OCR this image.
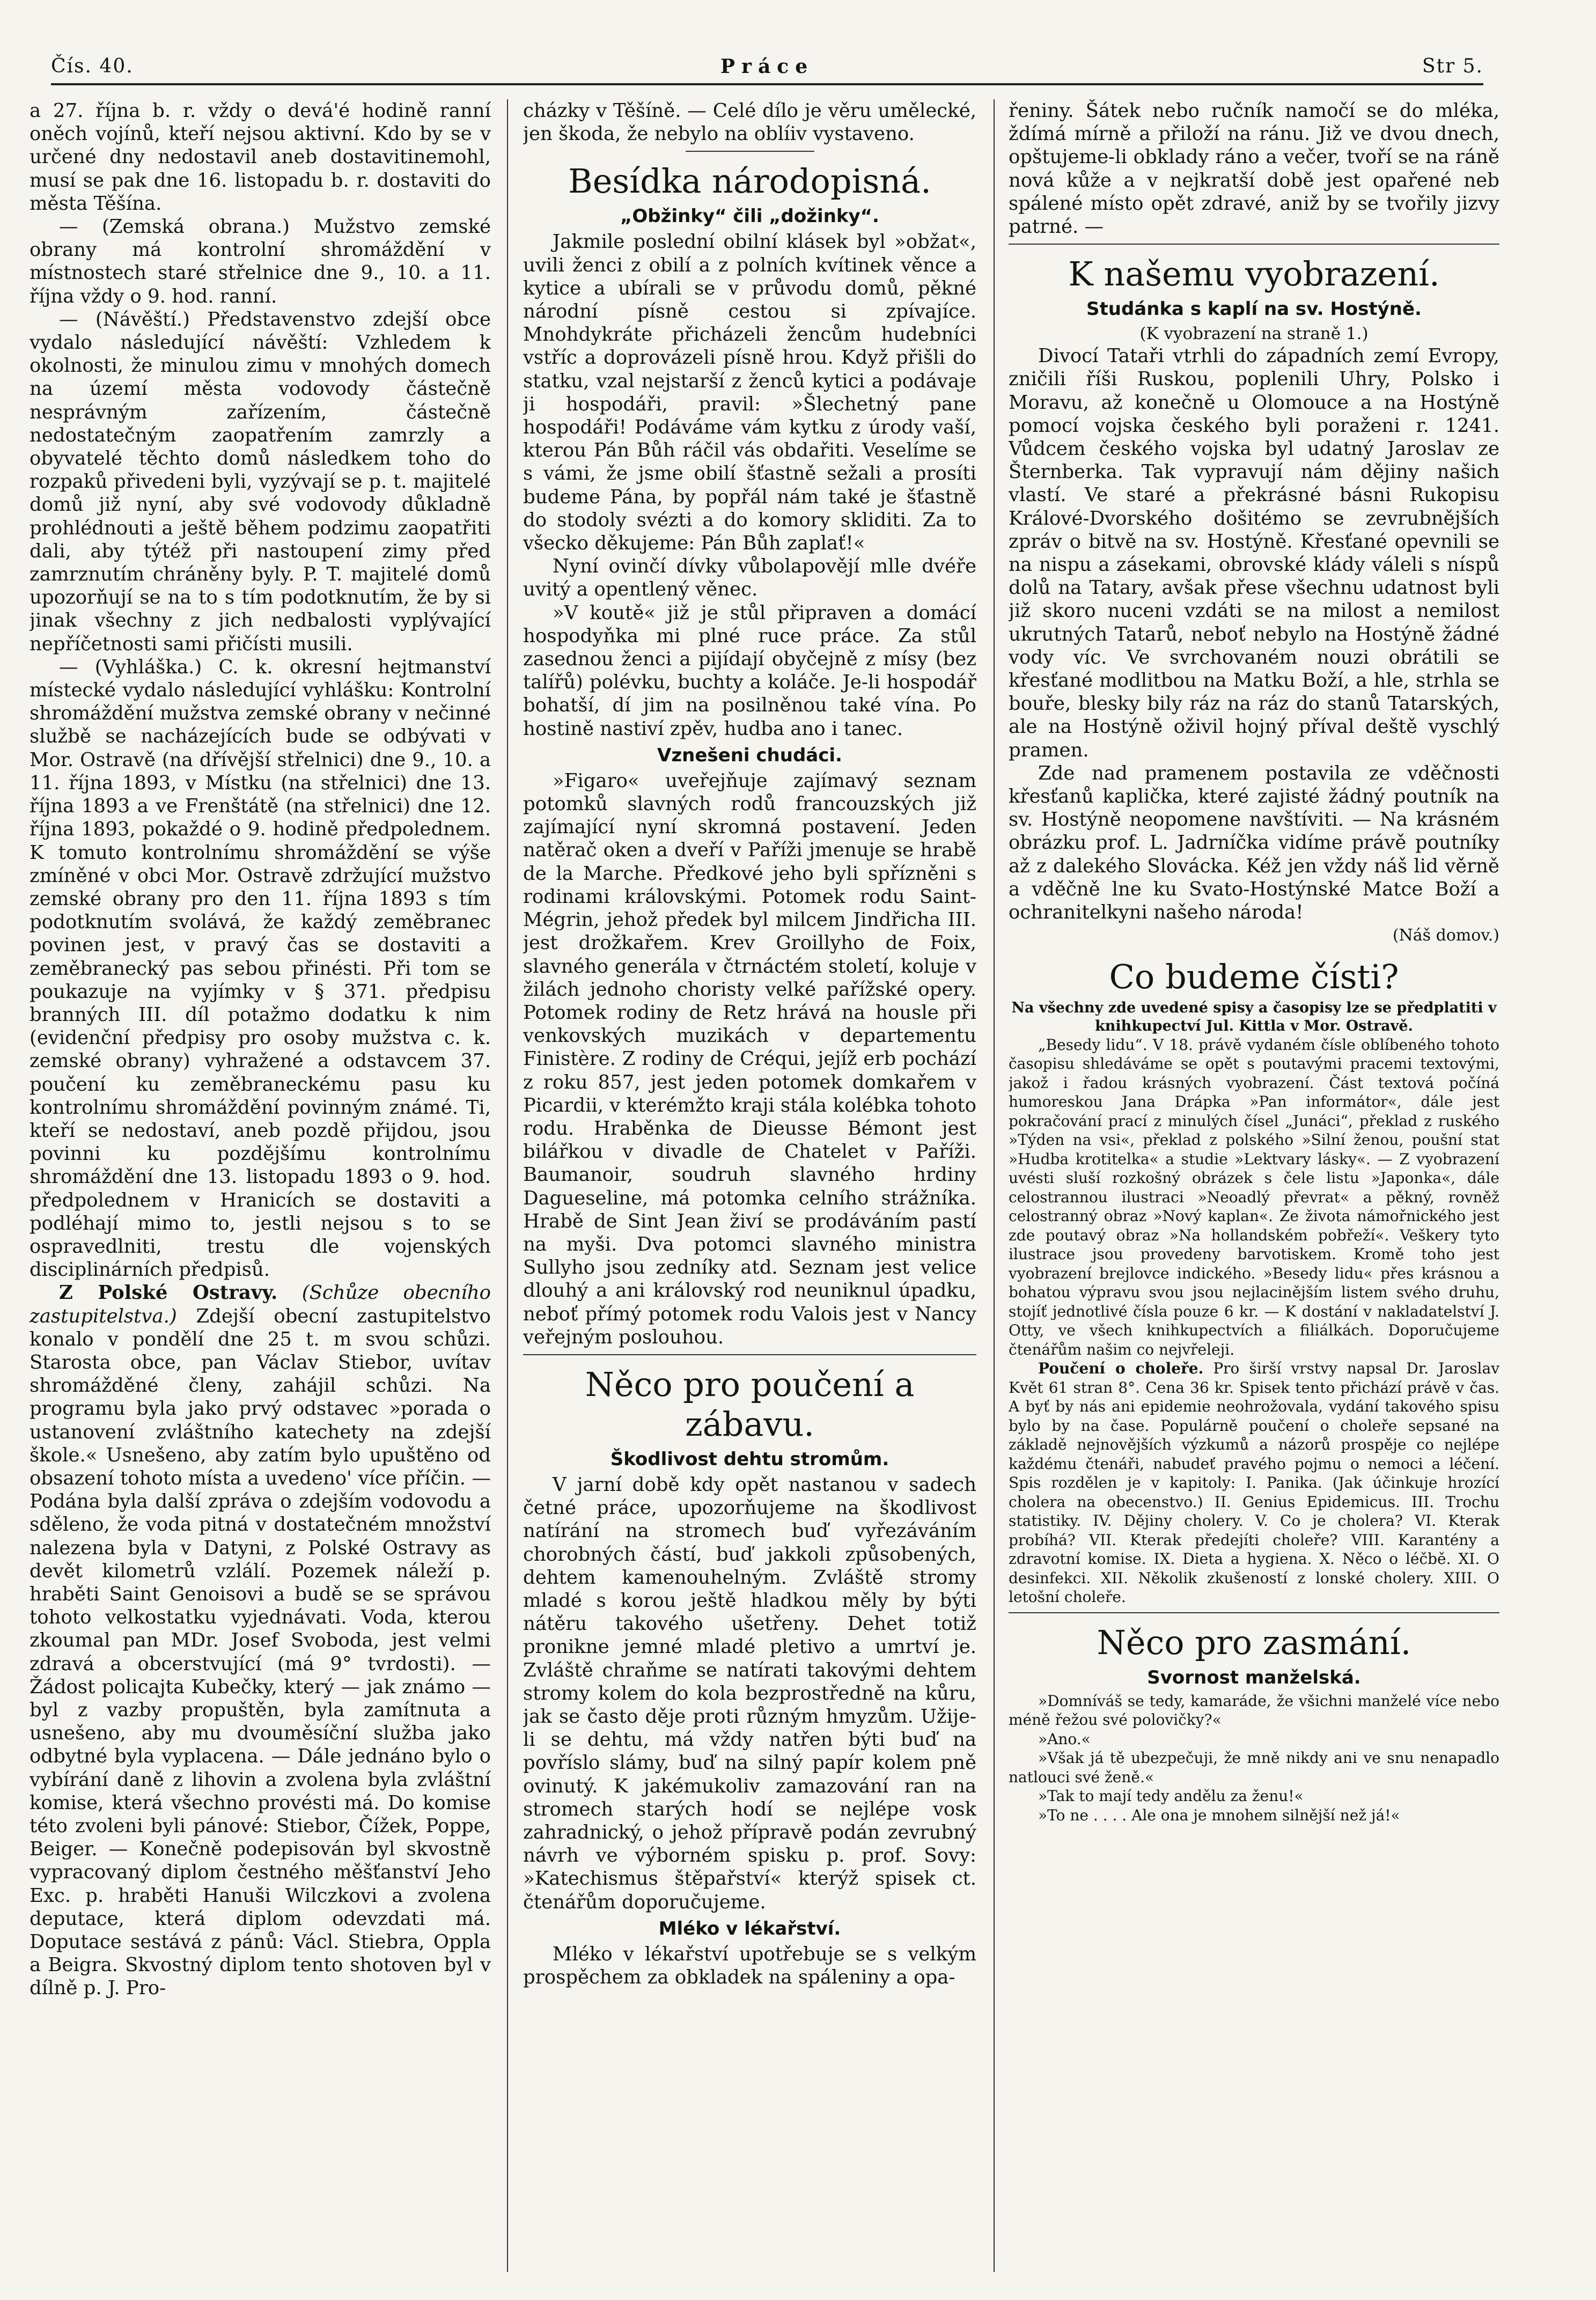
Čís. 40.	Práce	Str 5.

a 27. října b. r. vždy o devá'é hodině ranní oněch vojínů, kteří nejsou aktivní. Kdo by se v určené dny nedostavil aneb dostavitinemohl, musí se pak dne 16. listopadu b. r. dostaviti do města Těšína.

— (Zemská obrana.) Mužstvo zemské obrany má kontrolní shromáždění v místnostech staré střelnice dne 9., 10. a 11. října vždy o 9. hod. ranní.

— (Návěští.) Představenstvo zdejší obce vydalo následující návěští: Vzhledem k okolnosti, že minulou zimu v mnohých domech na území města vodovody částečně nesprávným zařízením, částečně nedostatečným zaopatřením zamrzly a obyvatelé těchto domů následkem toho do rozpaků přivedeni byli, vyzývají se p. t. majitelé domů již nyní, aby své vodovody důkladně prohlédnouti a ještě během podzimu zaopatřiti dali, aby týtéž při nastoupení zimy před zamrznutím chráněny byly. P. T. majitelé domů upozorňují se na to s tím podotknutím, že by si jinak všechny z jich nedbalosti vyplývající nepříčetnosti sami přičísti musili.

— (Vyhláška.) C. k. okresní hejtmanství místecké vydalo následující vyhlášku: Kontrolní shromáždění mužstva zemské obrany v nečinné službě se nacházejících bude se odbývati v Mor. Ostravě (na dřívější střelnici) dne 9., 10. a 11. října 1893, v Místku (na střelnici) dne 13. října 1893 a ve Frenštátě (na střelnici) dne 12. října 1893, pokaždé o 9. hodině předpolednem. K tomuto kontrolnímu shromáždění se výše zmíněné v obci Mor. Ostravě zdržující mužstvo zemské obrany pro den 11. října 1893 s tím podotknutím svolává, že každý zeměbranec povinen jest, v pravý čas se dostaviti a zeměbranecký pas sebou přinésti. Při tom se poukazuje na vyjímky v § 371. předpisu branných III. díl potažmo dodatku k nim (evidenční předpisy pro osoby mužstva c. k. zemské obrany) vyhražené a odstavcem 37. poučení ku zeměbraneckému pasu ku kontrolnímu shromáždění povinným známé. Ti, kteří se nedostaví, aneb pozdě přijdou, jsou povinni ku pozdějšímu kontrolnímu shromáždění dne 13. listopadu 1893 o 9. hod. předpolednem v Hranicích se dostaviti a podléhají mimo to, jestli nejsou s to se ospravedlniti, trestu dle vojenských disciplinárních předpisů.

Z Polské Ostravy. (Schůze obecního zastupitelstva.) Zdejší obecní zastupitelstvo konalo v pondělí dne 25 t. m svou schůzi. Starosta obce, pan Václav Stiebor, uvítav shromážděné členy, zahájil schůzi. Na programu byla jako prvý odstavec »porada o ustanovení zvláštního katechety na zdejší škole.« Usnešeno, aby zatím bylo upuštěno od obsazení tohoto místa a uvedeno' více příčin. — Podána byla další zpráva o zdejším vodovodu a sděleno, že voda pitná v dostatečném množství nalezena byla v Datyni, z Polské Ostravy as devět kilometrů vzlálí. Pozemek náleží p. hraběti Saint Genoisovi a budě se se správou tohoto velkostatku vyjednávati. Voda, kterou zkoumal pan MDr. Josef Svoboda, jest velmi zdravá a obcerstvující (má 9° tvrdosti). — Žádost policajta Kubečky, který — jak známo — byl z vazby propuštěn, byla zamítnuta a usnešeno, aby mu dvouměsíční služba jako odbytné byla vyplacena. — Dále jednáno bylo o vybírání daně z lihovin a zvolena byla zvláštní komise, která všechno provésti má. Do komise této zvoleni byli pánové: Stiebor, Čížek, Poppe, Beiger. — Konečně podepisován byl skvostně vypracovaný diplom čestného měšťanství Jeho Exc. p. hraběti Hanuši Wilczkovi a zvolena deputace, která diplom odevzdati má. Doputace sestává z pánů: Václ. Stiebra, Oppla a Beigra. Skvostný diplom tento shotoven byl v dílně p. J. Pro-

cházky v Těšíně. — Celé dílo je věru umělecké, jen škoda, že nebylo na oblíiv vystaveno.

Besídka národopisná.
„Obžinky“ čili „dožinky“.

Jakmile poslední obilní klásek byl »obžat«, uvili ženci z obilí a z polních kvítinek věnce a kytice a ubírali se v průvodu domů, pěkné národní písně cestou si zpívajíce. Mnohdykráte přicházeli žencům hudebníci vstříc a doprovázeli písně hrou. Když přišli do statku, vzal nejstarší z ženců kytici a podávaje ji hospodáři, pravil: »Šlechetný pane hospodáři! Podáváme vám kytku z úrody vaší, kterou Pán Bůh ráčil vás obdařiti. Veselíme se s vámi, že jsme obilí šťastně sežali a prosíti budeme Pána, by popřál nám také je šťastně do stodoly svézti a do komory skliditi. Za to všecko děkujeme: Pán Bůh zaplať!«

Nyní ovinčí dívky vůbolapovějí mlle dvéře uvitý a opentlený věnec.

»V koutě« již je stůl připraven a domácí hospodyňka mi plné ruce práce. Za stůl zasednou ženci a pijídají obyčejně z mísy (bez talířů) polévku, buchty a koláče. Je-li hospodář bohatší, dí jim na posilněnou také vína. Po hostině nastiví zpěv, hudba ano i tanec.

Vznešeni chudáci.

»Figaro« uveřejňuje zajímavý seznam potomků slavných rodů francouzských již zajímající nyní skromná postavení. Jeden natěrač oken a dveří v Paříži jmenuje se hrabě de la Marche. Předkové jeho byli spřízněni s rodinami královskými. Potomek rodu Saint-Mégrin, jehož předek byl milcem Jindřicha III. jest drožkařem. Krev Groillyho de Foix, slavného generála v čtrnáctém století, koluje v žilách jednoho choristy velké pařížské opery. Potomek rodiny de Retz hrává na housle při venkovských muzikách v departementu Finistère. Z rodiny de Créqui, jejíž erb pochází z roku 857, jest jeden potomek domkařem v Picardii, v kterémžto kraji stála kolébka tohoto rodu. Hraběnka de Dieusse Bémont jest bilářkou v divadle de Chatelet v Paříži. Baumanoir, soudruh slavného hrdiny Dagueseline, má potomka celního strážníka. Hrabě de Sint Jean živí se prodáváním pastí na myši. Dva potomci slavného ministra Sullyho jsou zedníky atd. Seznam jest velice dlouhý a ani královský rod neuniknul úpadku, neboť přímý potomek rodu Valois jest v Nancy veřejným poslouhou.

Něco pro poučení a zábavu.
Škodlivost dehtu stromům.

V jarní době kdy opět nastanou v sadech četné práce, upozorňujeme na škodlivost natírání na stromech buď vyřezáváním chorobných částí, buď jakkoli způsobených, dehtem kamenouhelným. Zvláště stromy mladé s korou ještě hladkou měly by býti nátěru takového ušetřeny. Dehet totiž proniknе jemné mladé pletivo a umrtví je. Zvláště chraňme se natírati takovými dehtem stromy kolem do kola bezprostředně na kůru, jak se často děje proti různým hmyzům. Užije-li se dehtu, má vždy natřen býti buď na povříslo slámy, buď na silný papír kolem pně ovinutý. K jakémukoliv zamazování ran na stromech starých hodí se nejlépe vosk zahradnický, o jehož přípravě podán zevrubný návrh ve výborném spisku p. prof. Sovy: »Katechismus štěpařství« kterýž spisek ct. čtenářům doporučujeme.

Mléko v lékařství.

Mléko v lékařství upotřebuje se s velkým prospěchem za obkladek na spáleniny a opa-

řeniny. Šátek nebo ručník namočí se do mléka, ždímá mírně a přiloží na ránu. Již ve dvou dnech, opštujeme-li obklady ráno a večer, tvoří se na ráně nová kůže a v nejkratší době jest opařené neb spálené místo opět zdravé, aniž by se tvořily jizvy patrné. —

K našemu vyobrazení.
Studánka s kaplí na sv. Hostýně.
(K vyobrazení na straně 1.)

Divocí Tataři vtrhli do západních zemí Evropy, zničili říši Ruskou, poplenili Uhry, Polsko i Moravu, až konečně u Olomouce a na Hostýně pomocí vojska českého byli poraženi r. 1241. Vůdcem českého vojska byl udatný Jaroslav ze Šternberka. Tak vypravují nám dějiny našich vlastí. Ve staré a překrásné básni Rukopisu Králové-Dvorského došitémo se zevrubnějších zpráv o bitvě na sv. Hostýně. Křesťané opevnili se na nispu a zásekami, obrovské klády váleli s níspů dolů na Tatary, avšak přese všechnu udatnost byli již skoro nuceni vzdáti se na milost a nemilost ukrutných Tatarů, neboť nebylo na Hostýně žádné vody víc. Ve svrchovaném nouzi obrátili se křesťané modlitbou na Matku Boží, a hle, strhla se bouře, blesky bily ráz na ráz do stanů Tatarských, ale na Hostýně oživil hojný příval deště vyschlý pramen.

Zde nad pramenem postavila ze vděčnosti křesťanů kaplička, které zajisté žádný poutník na sv. Hostýně neopomene navštíviti. — Na krásném obrázku prof. L. Jadrníčka vidíme právě poutníky až z dalekého Slovácka. Kéž jen vždy náš lid věrně a vděčně lne ku Svato-Hostýnské Matce Boží a ochranitelkyni našeho národa!

(Náš domov.)
Co budeme čísti?
Na všechny zde uvedené spisy a časopisy lze se předplatiti v knihkupectví Jul. Kittla v Mor. Ostravě.

„Besedy lidu“. V 18. právě vydaném čísle oblíbeného tohoto časopisu shledáváme se opět s poutavými pracemi textovými, jakož i řadou krásných vyobrazení. Část textová počíná humoreskou Jana Drápka »Pan informátor«, dále jest pokračování prací z minulých čísel „Junáci“, překlad z ruského »Týden na vsi«, překlad z polského »Silní ženou, poušní stat »Hudba krotitelka« a studie »Lektvary lásky«. — Z vyobrazení uvésti sluší rozkošný obrázek s čele listu »Japonka«, dále celostrannou ilustraci »Neoadlý převrat« a pěkný, rovněž celostranný obraz »Nový kaplan«. Ze života námořnického jest zde poutavý obraz »Na hollandském pobřeží«. Veškery tyto ilustrace jsou provedeny barvotiskem. Kromě toho jest vyobrazení brejlovce indického. »Besedy lidu« přes krásnou a bohatou výpravu svou jsou nejlacinějším listem svého druhu, stojíť jednotlivé čísla pouze 6 kr. — K dostání v nakladatelství J. Otty, ve všech knihkupectvích a filiálkách. Doporučujeme čtenářům našim co nejvřeleji.

Poučení o choleře. Pro širší vrstvy napsal Dr. Jaroslav Květ 61 stran 8°. Cena 36 kr. Spisek tento přichází právě v čas. A byť by nás ani epidemie neohrožovala, vydání takového spisu bylo by na čase. Populárně poučení o choleře sepsané na základě nejnovějších výzkumů a názorů prospěje co nejlépe každému čtenáři, nabudeť pravého pojmu o nemoci a léčení. Spis rozdělen je v kapitoly: I. Panika. (Jak účinkuje hrozící cholera na obecenstvo.) II. Genius Epidemicus. III. Trochu statistiky. IV. Dějiny cholery. V. Co je cholera? VI. Kterak probíhá? VII. Kterak předejíti choleře? VIII. Karantény a zdravotní komise. IX. Dieta a hygiena. X. Něco o léčbě. XI. O desinfekci. XII. Několik zkušeností z lonské cholery. XIII. O letošní choleře.

Něco pro zasmání.
Svornost manželská.

»Domníváš se tedy, kamaráde, že všichni manželé více nebo méně řežou své polovičky?«

»Ano.«

»Však já tě ubezpečuji, že mně nikdy ani ve snu nenapadlo natlouci své ženě.«

»Tak to mají tedy andělu za ženu!«

»To ne . . . . Ale ona je mnohem silnější než já!«
